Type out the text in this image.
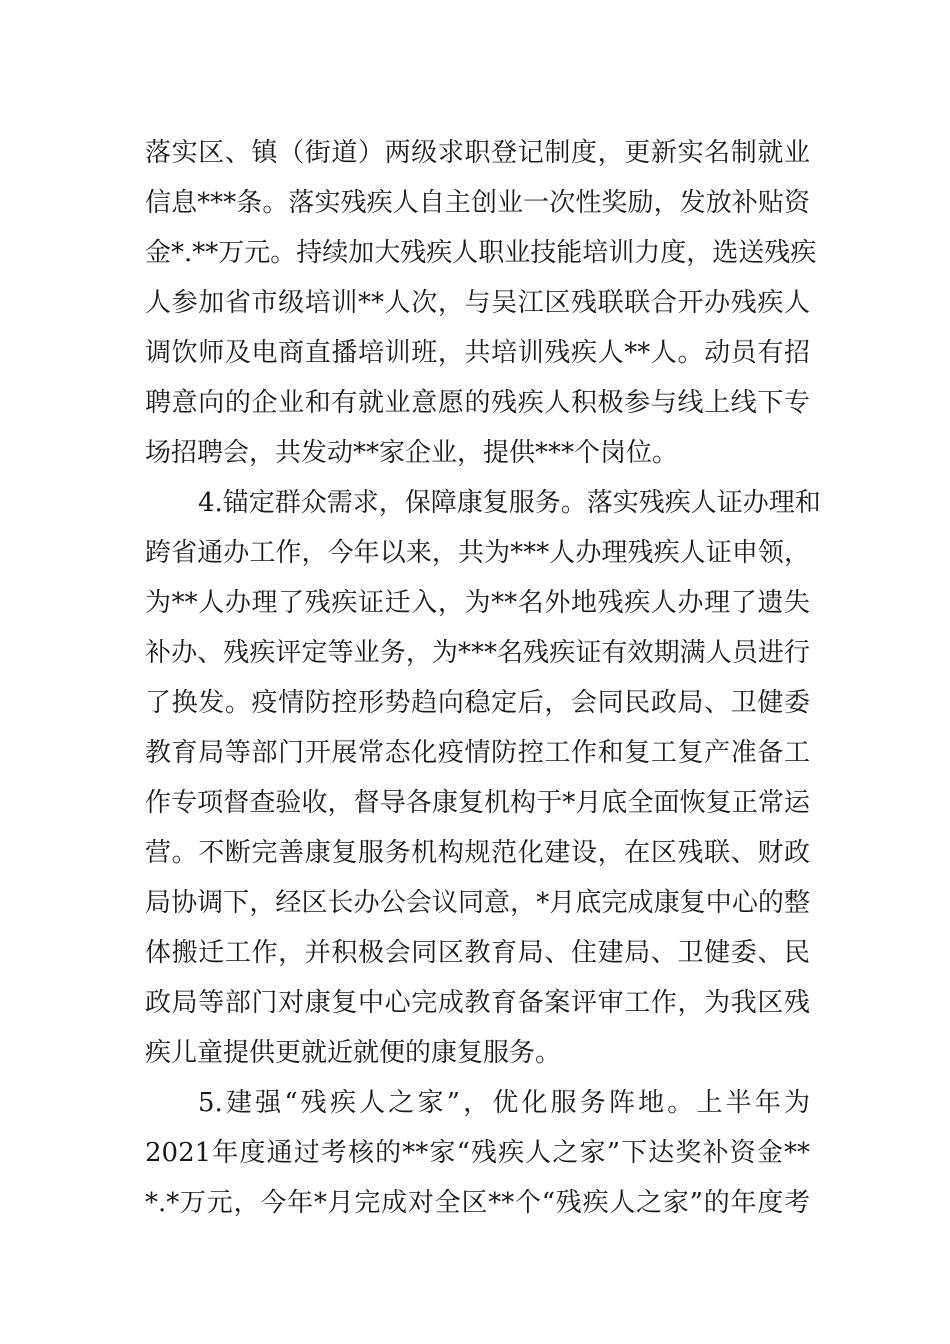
落实区、镇（街道）两级求职登记制度，更新实名制就业
信息***条。落实残疾人自主创业一次性奖励，发放补贴资
金*.**万元。持续加大残疾人职业技能培训力度，选送残疾
人参加省市级培训**人次，与吴江区残联联合开办残疾人
调饮师及电商直播培训班，共培训残疾人**人。动员有招
聘意向的企业和有就业意愿的残疾人积极参与线上线下专
场招聘会，共发动**家企业，提供***个岗位。
4.锚定群众需求，保障康复服务。落实残疾人证办理和
跨省通办工作，今年以来，共为***人办理残疾人证申领，
为**人办理了残疾证迁入，为**名外地残疾人办理了遗失
补办、残疾评定等业务，为***名残疾证有效期满人员进行
了换发。疫情防控形势趋向稳定后，会同民政局、卫健委
教育局等部门开展常态化疫情防控工作和复工复产准备工
作专项督查验收，督导各康复机构于*月底全面恢复正常运
营。不断完善康复服务机构规范化建设，在区残联、财政
局协调下，经区长办公会议同意，*月底完成康复中心的整
体搬迁工作，并积极会同区教育局、住建局、卫健委、民
政局等部门对康复中心完成教育备案评审工作，为我区残
疾儿童提供更就近就便的康复服务。
5.建强“残疾人之家”，优化服务阵地。上半年为
2021年度通过考核的**家“残疾人之家”下达奖补资金**
*.*万元，今年*月完成对全区**个“残疾人之家”的年度考
